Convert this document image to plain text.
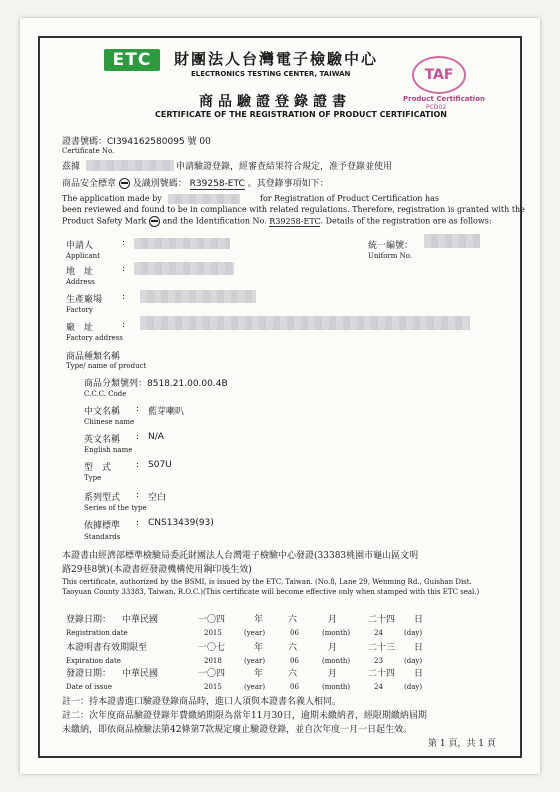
ETC	財團法人台灣電子檢驗中心
ELECTRONICS TESTING CENTER, TAIWAN	TAF
Product Certification
PCD02
商品驗證登錄證書
CERTIFICATE OF THE REGISTRATION OF PRODUCT CERTIFICATION
證書號碼：CI394162580095 號 00
Certificate No.
茲據	申請驗證登錄，經審查結果符合規定，准予登錄並使用
商品安全標章 及識別號碼： R39258-ETC 。其登錄事項如下：
The application made by	for Registration of Product Certification has
been reviewed and found to be in compliance with related regulations. Therefore, registration is granted with the
Product Safety Mark and the Identification No. R39258-ETC. Details of the registration are as follows:
申請人	:
Applicant
統一編號：
Uniform No.
地　址	:
Address
生產廠場 :
Factory
廠　址	:
Factory address
商品種類名稱
Type/ name of product
商品分類號列：8518.21.00.00.4B
C.C.C. Code
中文名稱 : 藍芽喇叭
Chinese name
英文名稱 : N/A
English name
型　式	: S07U
Type
系列型式 : 空白
Series of the type
依據標準 : CNS13439(93)
Standards
本證書由經濟部標準檢驗局委託財團法人台灣電子檢驗中心發證(33383桃園市龜山區文明
路29巷8號)(本證書經發證機構使用鋼印後生效)
This certificate, authorized by the BSMI, is issued by the ETC, Taiwan. (No.8, Lane 29, Wenming Rd., Guishan Dist.
Taoyuan County 33383, Taiwan, R.O.C.)(This certificate will become effective only when stamped with this ETC seal.)
登錄日期： 中華民國	一〇四	年	六	月	二十四 日
Registration date	2015	(year)	06	(month)	24	(day)
本證明書有效期限至	一〇七	年	六	月	二十三 日
Expiration date	2018	(year)	06	(month)	23	(day)
發證日期： 中華民國	一〇四	年	六	月	二十四 日
Date of issue	2015	(year)	06	(month)	24	(day)
註一：持本證書進口驗證登錄商品時，進口人須與本證書名義人相同。
註二：次年度商品驗證登錄年費繳納期限為當年11月30日，逾期未繳納者，經限期繳納屆期
未繳納，即依商品檢驗法第42條第7款規定廢止驗證登錄，並自次年度一月一日起生效。
第 1 頁，共 1 頁
